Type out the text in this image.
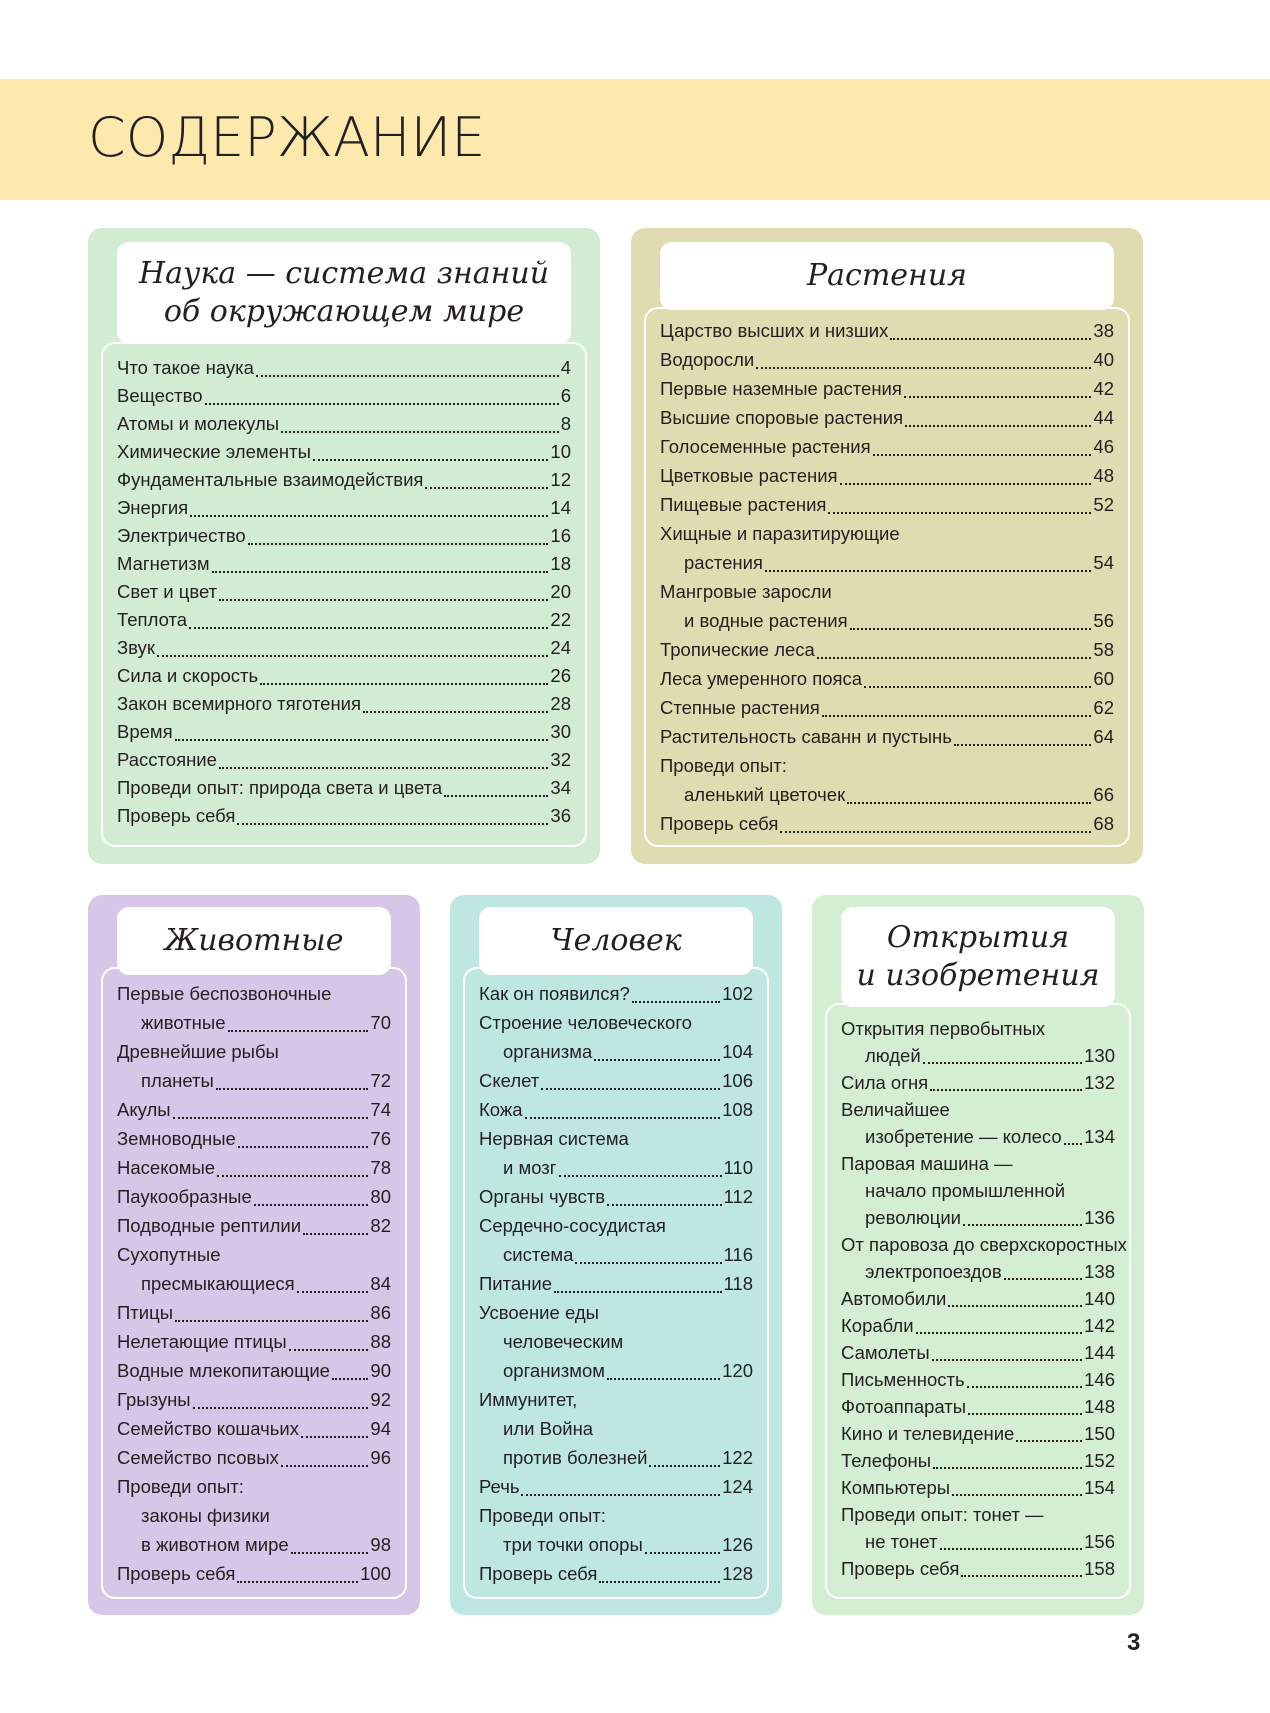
СОДЕРЖАНИЕ
Наука — система знаний
об окружающем мире
Что такое наука	4
Вещество	6
Атомы и молекулы	8
Химические элементы	10
Фундаментальные взаимодействия	12
Энергия	14
Электричество	16
Магнетизм	18
Свет и цвет	20
Теплота	22
Звук	24
Сила и скорость	26
Закон всемирного тяготения	28
Время	30
Расстояние	32
Проведи опыт: природа света и цвета	34
Проверь себя	36
Растения
Царство высших и низших	38
Водоросли	40
Первые наземные растения	42
Высшие споровые растения	44
Голосеменные растения	46
Цветковые растения	48
Пищевые растения	52
Хищные и паразитирующие
растения	54
Мангровые заросли
и водные растения	56
Тропические леса	58
Леса умеренного пояса	60
Степные растения	62
Растительность саванн и пустынь	64
Проведи опыт:
аленький цветочек	66
Проверь себя	68
Животные
Первые беспозвоночные
животные	70
Древнейшие рыбы
планеты	72
Акулы	74
Земноводные	76
Насекомые	78
Паукообразные	80
Подводные рептилии	82
Сухопутные
пресмыкающиеся	84
Птицы	86
Нелетающие птицы	88
Водные млекопитающие 90
Грызуны	92
Семейство кошачьих	94
Семейство псовых	96
Проведи опыт:
законы физики
в животном мире	98
Проверь себя	100
Человек
Как он появился?	102
Строение человеческого
организма	104
Скелет	106
Кожа	108
Нервная система
и мозг	110
Органы чувств	112
Сердечно-сосудистая
система	116
Питание	118
Усвоение еды
человеческим
организмом	120
Иммунитет,
или Война
против болезней	122
Речь	124
Проведи опыт:
три точки опоры	126
Проверь себя	128
Открытия
и изобретения
Открытия первобытных
людей	130
Сила огня	132
Величайшее
изобретение — колесо 134
Паровая машина —
начало промышленной
революции	136
От паровоза до сверхскоростных
электропоездов	138
Автомобили	140
Корабли	142
Самолеты	144
Письменность	146
Фотоаппараты	148
Кино и телевидение	150
Телефоны	152
Компьютеры	154
Проведи опыт: тонет —
не тонет	156
Проверь себя	158
3
